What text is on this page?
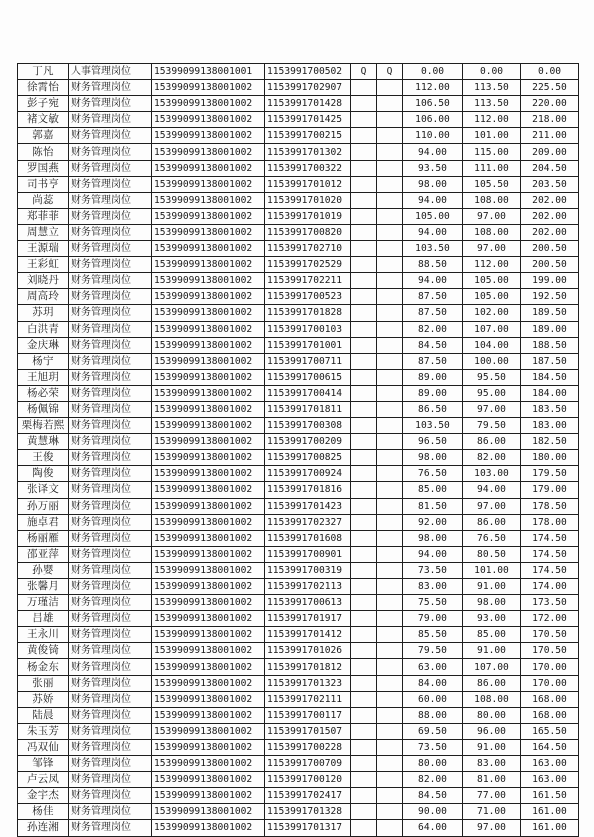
丁凡	人事管理岗位	15399099138001001	1153991700502	Q	Q	0.00	0.00	0.00
徐霄怡	财务管理岗位	15399099138001002	1153991702907			112.00	113.50	225.50
彭子宛	财务管理岗位	15399099138001002	1153991701428			106.50	113.50	220.00
褚文敏	财务管理岗位	15399099138001002	1153991701425			106.00	112.00	218.00
郭嘉	财务管理岗位	15399099138001002	1153991700215			110.00	101.00	211.00
陈怡	财务管理岗位	15399099138001002	1153991701302			94.00	115.00	209.00
罗国燕	财务管理岗位	15399099138001002	1153991700322			93.50	111.00	204.50
司书亨	财务管理岗位	15399099138001002	1153991701012			98.00	105.50	203.50
尚蕊	财务管理岗位	15399099138001002	1153991701020			94.00	108.00	202.00
郑菲菲	财务管理岗位	15399099138001002	1153991701019			105.00	97.00	202.00
周慧立	财务管理岗位	15399099138001002	1153991700820			94.00	108.00	202.00
王源瑞	财务管理岗位	15399099138001002	1153991702710			103.50	97.00	200.50
王彩虹	财务管理岗位	15399099138001002	1153991702529			88.50	112.00	200.50
刘晓丹	财务管理岗位	15399099138001002	1153991702211			94.00	105.00	199.00
周高玲	财务管理岗位	15399099138001002	1153991700523			87.50	105.00	192.50
苏玥	财务管理岗位	15399099138001002	1153991701828			87.50	102.00	189.50
白洪青	财务管理岗位	15399099138001002	1153991700103			82.00	107.00	189.00
金庆琳	财务管理岗位	15399099138001002	1153991701001			84.50	104.00	188.50
杨宁	财务管理岗位	15399099138001002	1153991700711			87.50	100.00	187.50
王旭玥	财务管理岗位	15399099138001002	1153991700615			89.00	95.50	184.50
杨必荣	财务管理岗位	15399099138001002	1153991700414			89.00	95.00	184.00
杨佩锦	财务管理岗位	15399099138001002	1153991701811			86.50	97.00	183.50
栗梅若熙	财务管理岗位	15399099138001002	1153991700308			103.50	79.50	183.00
黄慧琳	财务管理岗位	15399099138001002	1153991700209			96.50	86.00	182.50
王俊	财务管理岗位	15399099138001002	1153991700825			98.00	82.00	180.00
陶俊	财务管理岗位	15399099138001002	1153991700924			76.50	103.00	179.50
张译文	财务管理岗位	15399099138001002	1153991701816			85.00	94.00	179.00
孙万丽	财务管理岗位	15399099138001002	1153991701423			81.50	97.00	178.50
施卓君	财务管理岗位	15399099138001002	1153991702327			92.00	86.00	178.00
杨丽雁	财务管理岗位	15399099138001002	1153991701608			98.00	76.50	174.50
邵亚萍	财务管理岗位	15399099138001002	1153991700901			94.00	80.50	174.50
孙婴	财务管理岗位	15399099138001002	1153991700319			73.50	101.00	174.50
张馨月	财务管理岗位	15399099138001002	1153991702113			83.00	91.00	174.00
万瑾洁	财务管理岗位	15399099138001002	1153991700613			75.50	98.00	173.50
吕雄	财务管理岗位	15399099138001002	1153991701917			79.00	93.00	172.00
王永川	财务管理岗位	15399099138001002	1153991701412			85.50	85.00	170.50
黄俊锜	财务管理岗位	15399099138001002	1153991701026			79.50	91.00	170.50
杨金东	财务管理岗位	15399099138001002	1153991701812			63.00	107.00	170.00
张丽	财务管理岗位	15399099138001002	1153991701323			84.00	86.00	170.00
苏娇	财务管理岗位	15399099138001002	1153991702111			60.00	108.00	168.00
陆晨	财务管理岗位	15399099138001002	1153991700117			88.00	80.00	168.00
朱玉芳	财务管理岗位	15399099138001002	1153991701507			69.50	96.00	165.50
冯双仙	财务管理岗位	15399099138001002	1153991700228			73.50	91.00	164.50
邹锋	财务管理岗位	15399099138001002	1153991700709			80.00	83.00	163.00
卢云凤	财务管理岗位	15399099138001002	1153991700120			82.00	81.00	163.00
金宇杰	财务管理岗位	15399099138001002	1153991702417			84.50	77.00	161.50
杨佳	财务管理岗位	15399099138001002	1153991701328			90.00	71.00	161.00
孙连湘	财务管理岗位	15399099138001002	1153991701317			64.00	97.00	161.00
